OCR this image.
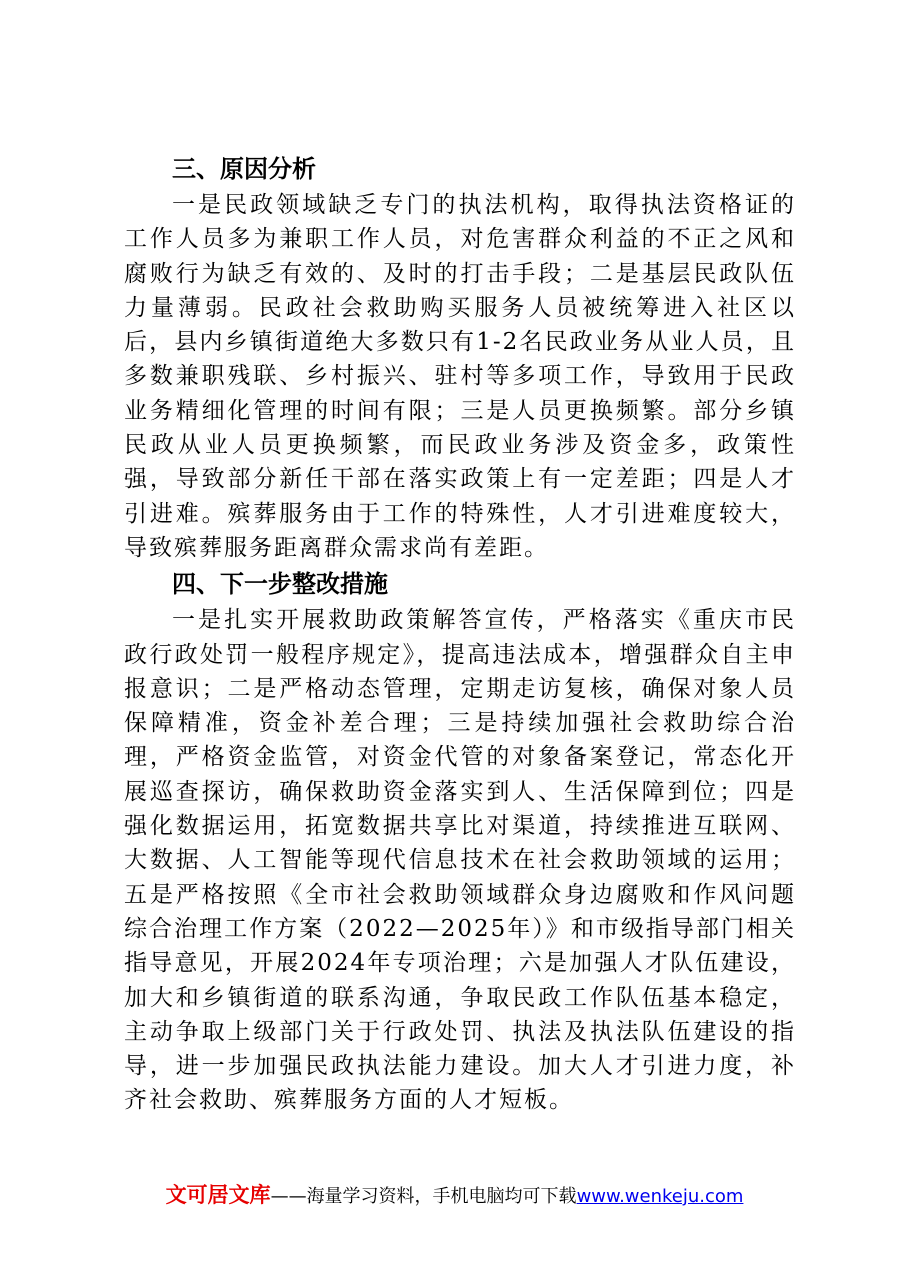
三、原因分析

一是民政领域缺乏专门的执法机构，取得执法资格证的工作人员多为兼职工作人员，对危害群众利益的不正之风和腐败行为缺乏有效的、及时的打击手段；二是基层民政队伍力量薄弱。民政社会救助购买服务人员被统筹进入社区以后，县内乡镇街道绝大多数只有1-2名民政业务从业人员，且多数兼职残联、乡村振兴、驻村等多项工作，导致用于民政业务精细化管理的时间有限；三是人员更换频繁。部分乡镇民政从业人员更换频繁，而民政业务涉及资金多，政策性强，导致部分新任干部在落实政策上有一定差距；四是人才引进难。殡葬服务由于工作的特殊性，人才引进难度较大，导致殡葬服务距离群众需求尚有差距。

四、下一步整改措施

一是扎实开展救助政策解答宣传，严格落实《重庆市民政行政处罚一般程序规定》，提高违法成本，增强群众自主申报意识；二是严格动态管理，定期走访复核，确保对象人员保障精准，资金补差合理；三是持续加强社会救助综合治理，严格资金监管，对资金代管的对象备案登记，常态化开展巡查探访，确保救助资金落实到人、生活保障到位；四是强化数据运用，拓宽数据共享比对渠道，持续推进互联网、大数据、人工智能等现代信息技术在社会救助领域的运用；五是严格按照《全市社会救助领域群众身边腐败和作风问题综合治理工作方案（2022—2025年）》和市级指导部门相关指导意见，开展2024年专项治理；六是加强人才队伍建设，加大和乡镇街道的联系沟通，争取民政工作队伍基本稳定，主动争取上级部门关于行政处罚、执法及执法队伍建设的指导，进一步加强民政执法能力建设。加大人才引进力度，补齐社会救助、殡葬服务方面的人才短板。

文可居文库——海量学习资料，手机电脑均可下载www.wenkeju.com
